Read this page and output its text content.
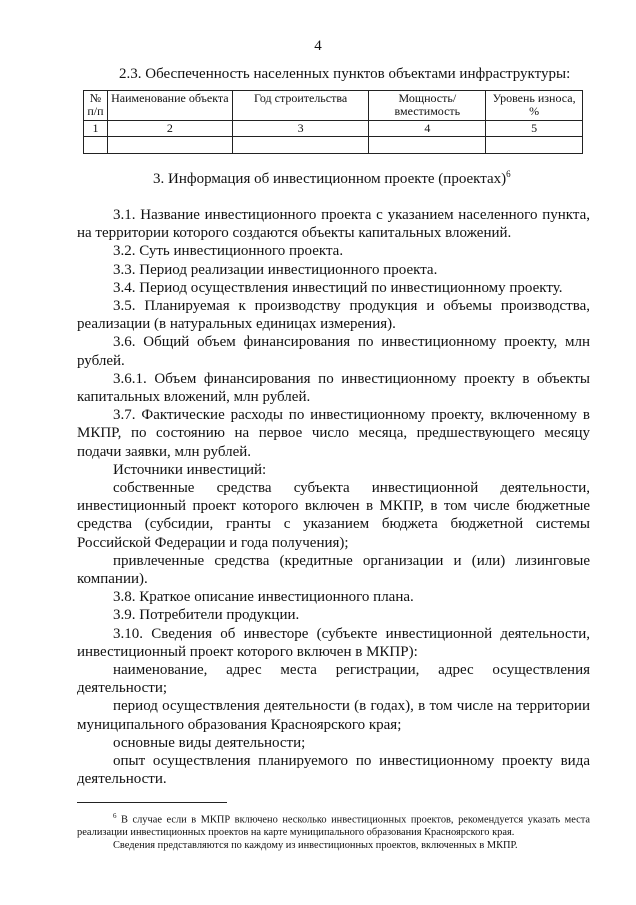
4
2.3. Обеспеченность населенных пунктов объектами инфраструктуры:
№ п/п	Наименование объекта	Год строительства	Мощность/ вместимость	Уровень износа, %
1	2	3	4	5

3. Информация об инвестиционном проекте (проектах)$^6$

3.1. Название инвестиционного проекта с указанием населенного пункта, на территории которого создаются объекты капитальных вложений.

3.2. Суть инвестиционного проекта.

3.3. Период реализации инвестиционного проекта.

3.4. Период осуществления инвестиций по инвестиционному проекту.

3.5. Планируемая к производству продукция и объемы производства, реализации (в натуральных единицах измерения).

3.6. Общий объем финансирования по инвестиционному проекту, млн рублей.

3.6.1. Объем финансирования по инвестиционному проекту в объекты капитальных вложений, млн рублей.

3.7. Фактические расходы по инвестиционному проекту, включенному в МКПР, по состоянию на первое число месяца, предшествующего месяцу подачи заявки, млн рублей.

Источники инвестиций:

собственные средства субъекта инвестиционной деятельности, инвестиционный проект которого включен в МКПР, в том числе бюджетные средства (субсидии, гранты с указанием бюджета бюджетной системы Российской Федерации и года получения);

привлеченные средства (кредитные организации и (или) лизинговые компании).

3.8. Краткое описание инвестиционного плана.

3.9. Потребители продукции.

3.10. Сведения об инвесторе (субъекте инвестиционной деятельности, инвестиционный проект которого включен в МКПР):

наименование, адрес места регистрации, адрес осуществления деятельности;

период осуществления деятельности (в годах), в том числе на территории муниципального образования Красноярского края;

основные виды деятельности;

опыт осуществления планируемого по инвестиционному проекту вида деятельности.

$^6$ В случае если в МКПР включено несколько инвестиционных проектов, рекомендуется указать места реализации инвестиционных проектов на карте муниципального образования Красноярского края.

Сведения представляются по каждому из инвестиционных проектов, включенных в МКПР.
